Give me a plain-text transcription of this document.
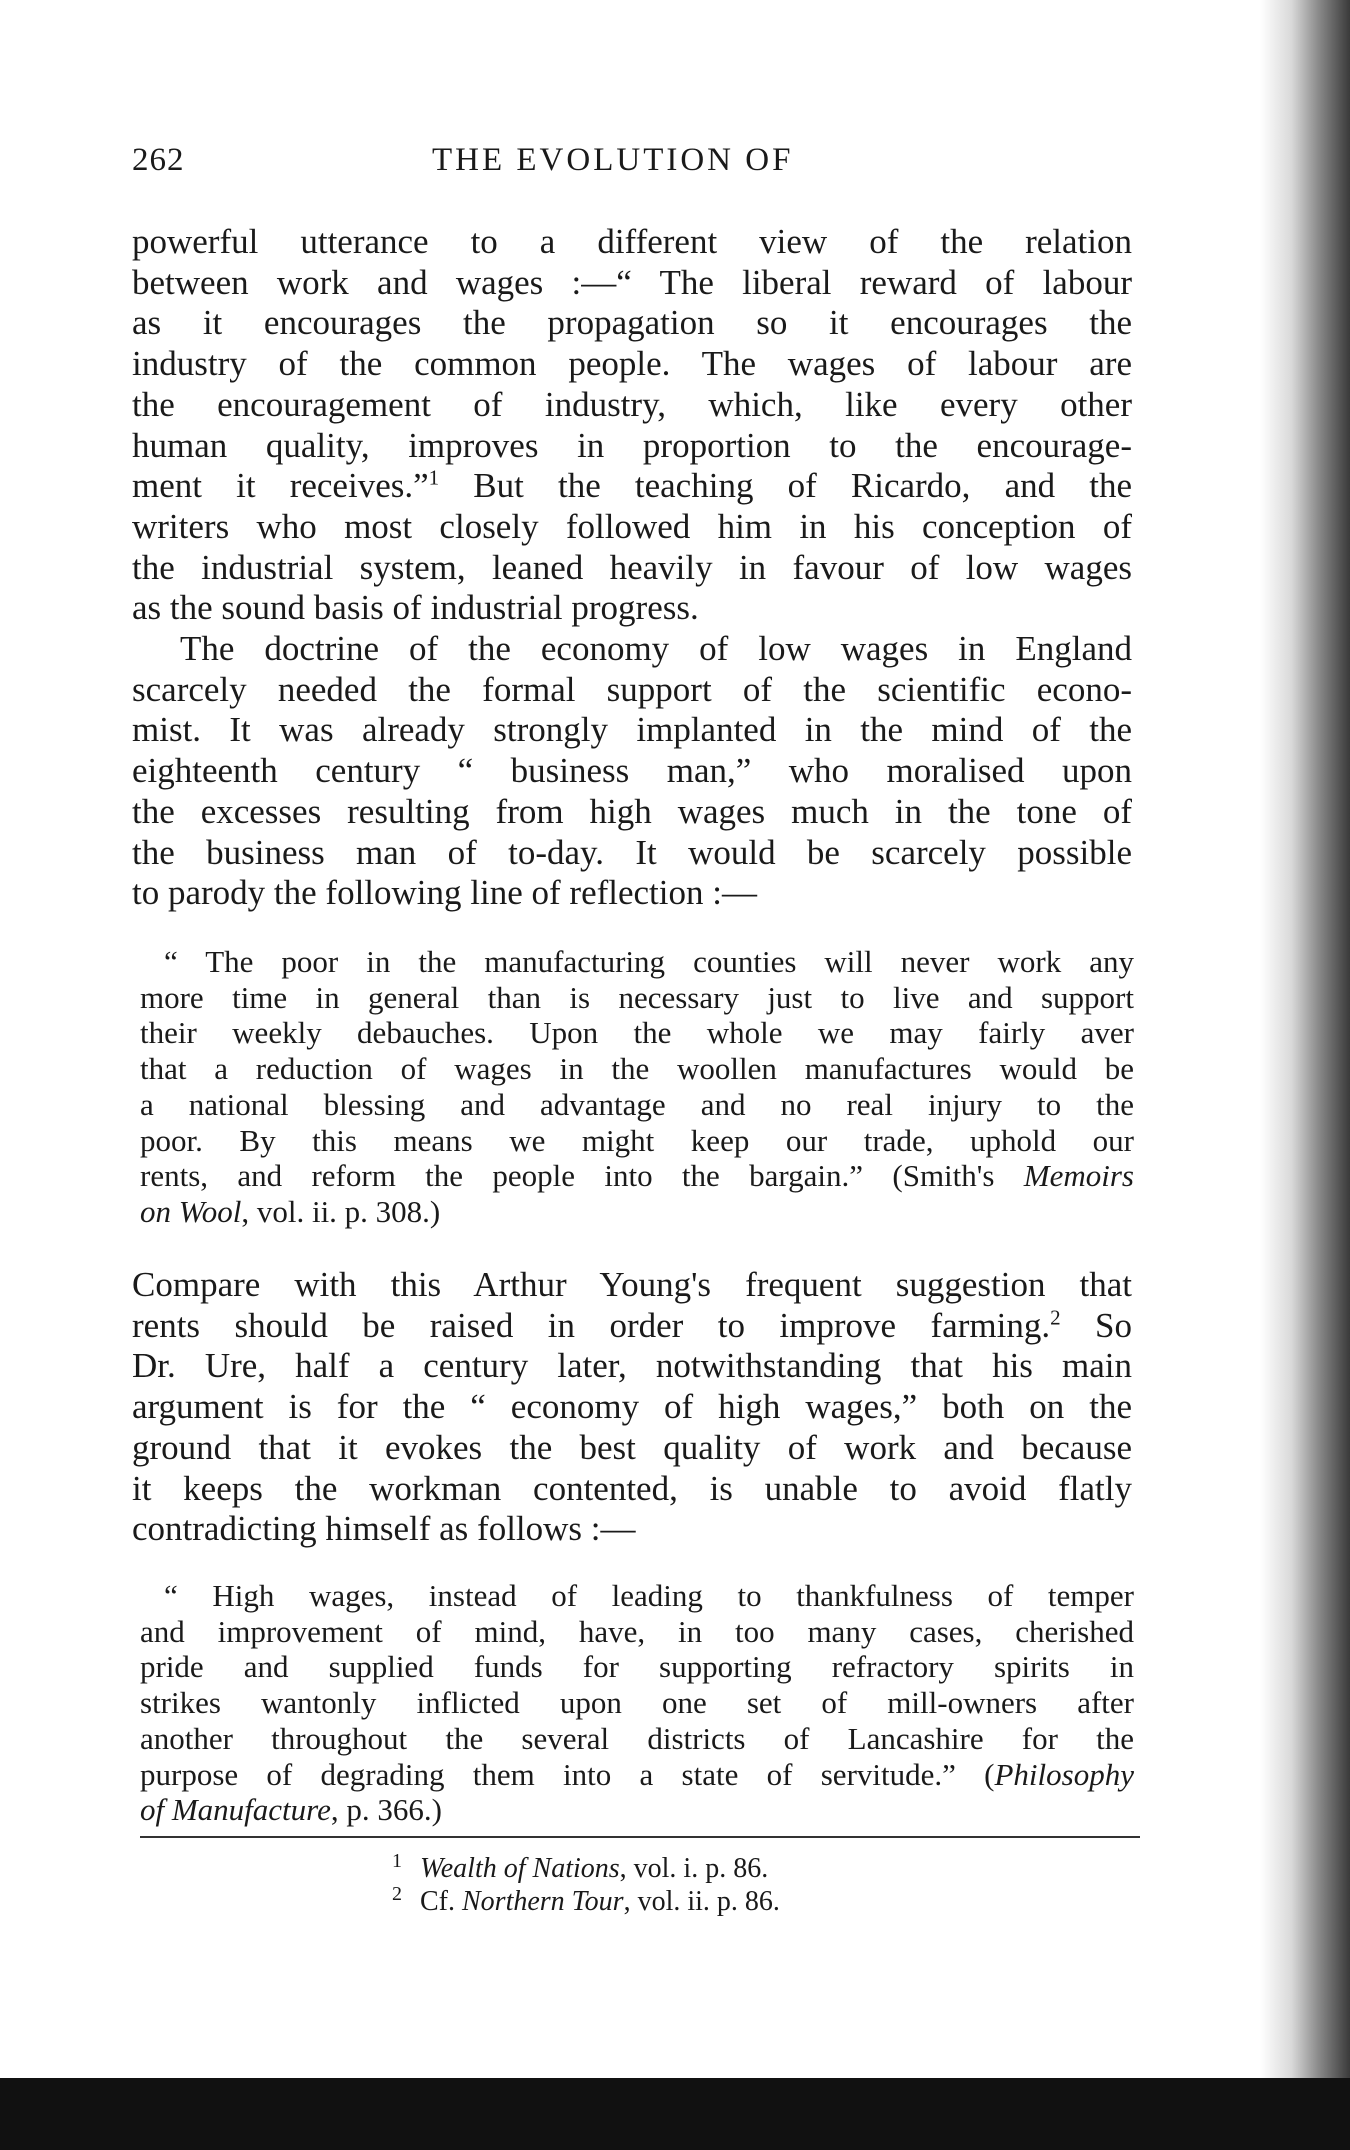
262	THE EVOLUTION OF
powerful utterance to a different view of the relation
between work and wages :—“ The liberal reward of labour
as it encourages the propagation so it encourages the
industry of the common people. The wages of labour are
the encouragement of industry, which, like every other
human quality, improves in proportion to the encourage-
ment it receives.”$^1$ But the teaching of Ricardo, and the
writers who most closely followed him in his conception of
the industrial system, leaned heavily in favour of low wages
as the sound basis of industrial progress.
The doctrine of the economy of low wages in England
scarcely needed the formal support of the scientific econo-
mist. It was already strongly implanted in the mind of the
eighteenth century “ business man,” who moralised upon
the excesses resulting from high wages much in the tone of
the business man of to-day. It would be scarcely possible
to parody the following line of reflection :—
“ The poor in the manufacturing counties will never work any
more time in general than is necessary just to live and support
their weekly debauches. Upon the whole we may fairly aver
that a reduction of wages in the woollen manufactures would be
a national blessing and advantage and no real injury to the
poor. By this means we might keep our trade, uphold our
rents, and reform the people into the bargain.” (Smith's Memoirs
on Wool, vol. ii. p. 308.)
Compare with this Arthur Young's frequent suggestion that
rents should be raised in order to improve farming.$^2$ So
Dr. Ure, half a century later, notwithstanding that his main
argument is for the “ economy of high wages,” both on the
ground that it evokes the best quality of work and because
it keeps the workman contented, is unable to avoid flatly
contradicting himself as follows :—
“ High wages, instead of leading to thankfulness of temper
and improvement of mind, have, in too many cases, cherished
pride and supplied funds for supporting refractory spirits in
strikes wantonly inflicted upon one set of mill-owners after
another throughout the several districts of Lancashire for the
purpose of degrading them into a state of servitude.” (Philosophy
of Manufacture, p. 366.)
1 Wealth of Nations, vol. i. p. 86.
2 Cf. Northern Tour, vol. ii. p. 86.
